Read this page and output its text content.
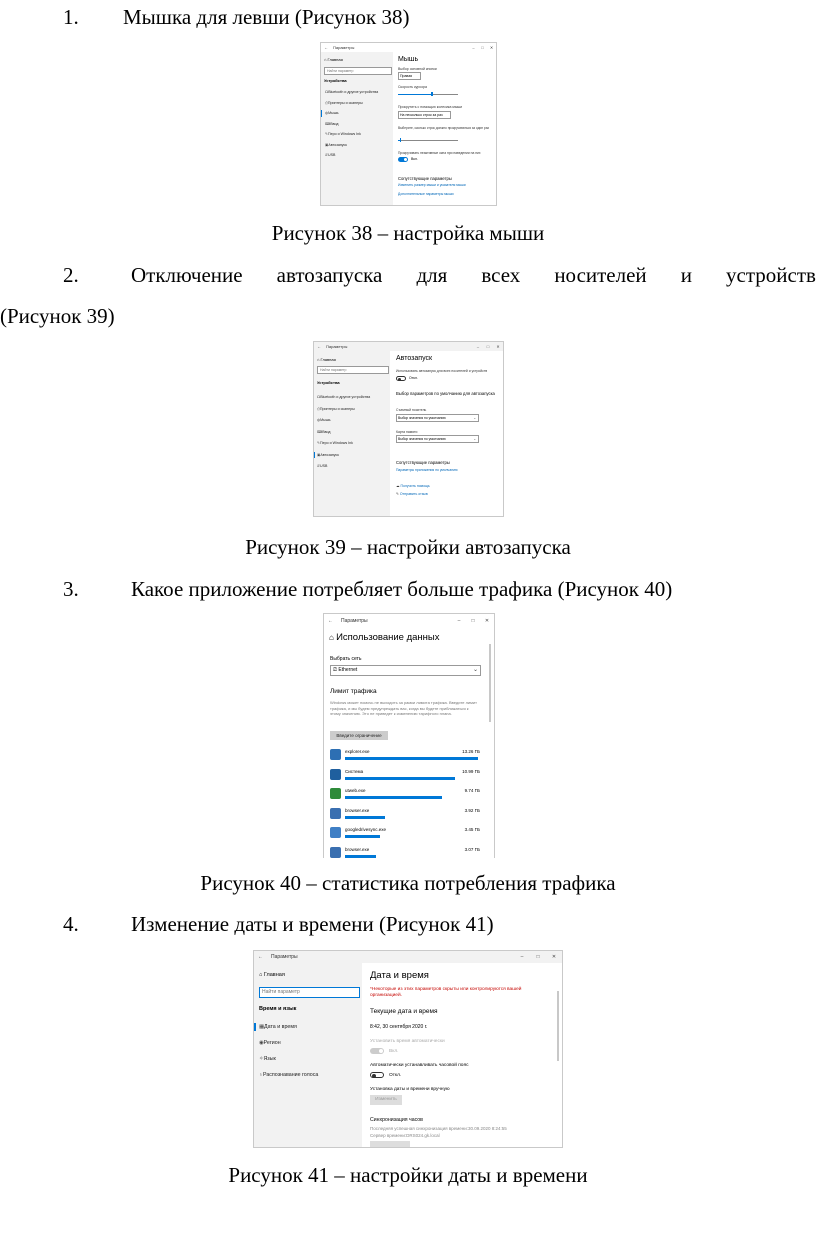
1. Мышка для левши (Рисунок 38)
← Параметры	–	□	✕
⌂ Главная
Найти параметр
Устройства
Мышь
Выбор основной кнопки
Правая
Скорость курсора
Прокрутить с помощью колесика мыши
На несколько строк за раз
Выберите, сколько строк должно прокручиваться за один раз
Прокручивать неактивные окна при наведении на них
Вкл.
Сопутствующие параметры
Изменить размер мыши и указателя мыши
Дополнительные параметры мыши
☊Bluetooth и другие устройства
⎙Принтеры и сканеры
◍Мышь
⌨Ввод
✎Перо и Windows Ink
▣Автозапуск
⇵USB
Рисунок 38 – настройка мыши
2. Отключение автозапуска для всех носителей и устройств
(Рисунок 39)
← Параметры	–	□	✕
⌂ Главная
Найти параметр
Устройства
Автозапуск
Использовать автозапуск для всех носителей и устройств
Откл.
Выбор параметров по умолчанию для автозапуска
Съемный носитель
Выбор значения по умолчанию	⌄
Карта памяти
Выбор значения по умолчанию	⌄
Сопутствующие параметры
Параметры приложения по умолчанию
☁ Получить помощь
✎ Отправить отзыв
☊Bluetooth и другие устройства
⎙Принтеры и сканеры
◍Мышь
⌨Ввод
✎Перо и Windows Ink
▣Автозапуск
⇵USB
Рисунок 39 – настройки автозапуска
3. Какое приложение потребляет больше трафика (Рисунок 40)
← Параметры	–	□	✕
⌂ Использование данных
Выбрать сеть
⎚ Ethernet	⌄
Лимит трафика
Windows может помочь не выходить за рамки лимита трафика. Введите лимит трафика, и мы будем предупреждать вас, когда вы будете приближаться к этому значению. Это не приведет к изменению тарифного плана.
Введите ограничение
explorer.exe	13.26 ГБ
Система	10.99 ГБ
utweb.exe	9.74 ГБ
browser.exe	3.92 ГБ
googledrivesync.exe	3.45 ГБ
browser.exe	3.07 ГБ
Рисунок 40 – статистика потребления трафика
4. Изменение даты и времени (Рисунок 41)
← Параметры	–	□	✕
⌂ Главная
Найти параметр
Время и язык
Дата и время
*Некоторые из этих параметров скрыты или контролируются вашей организацией.
Текущие дата и время
8:42, 30 сентября 2020 г.
Установить время автоматически
Вкл.
Автоматически устанавливать часовой пояс
Откл.
Установка даты и времени вручную
Изменить
Синхронизация часов
Последняя успешная синхронизация времени:30.09.2020 8:24:55
Сервер времени:DRS024.gk.local
▦Дата и время
◉Регион
✧Язык
♁Распознавание голоса
Рисунок 41 – настройки даты и времени
